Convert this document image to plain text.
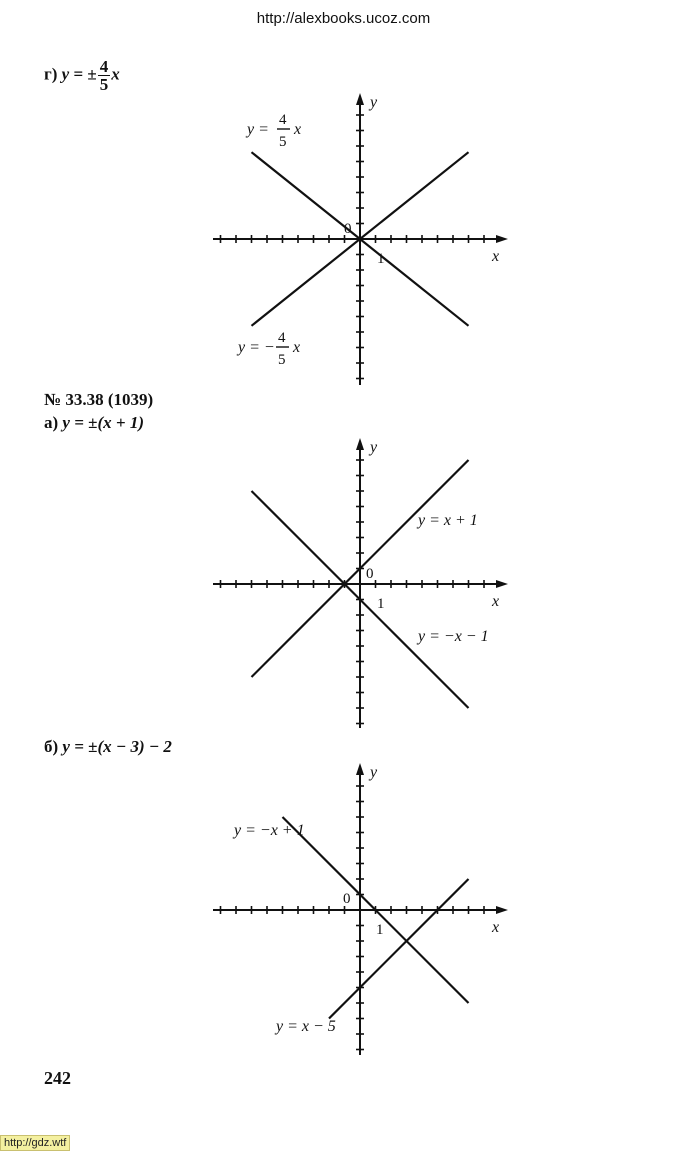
http://alexbooks.ucoz.com
г) y = ± $\frac{4}{5}$ x
x
y
0
1
y =
4
5
x
y = −
4
5
x
№ 33.38 (1039)
а) y = ±(x + 1)
x
y
0
1
y = x + 1
y = −x − 1
б) y = ±(x − 3) − 2
x
y
0
1
y = −x + 1
y = x − 5
242
http://gdz.wtf
